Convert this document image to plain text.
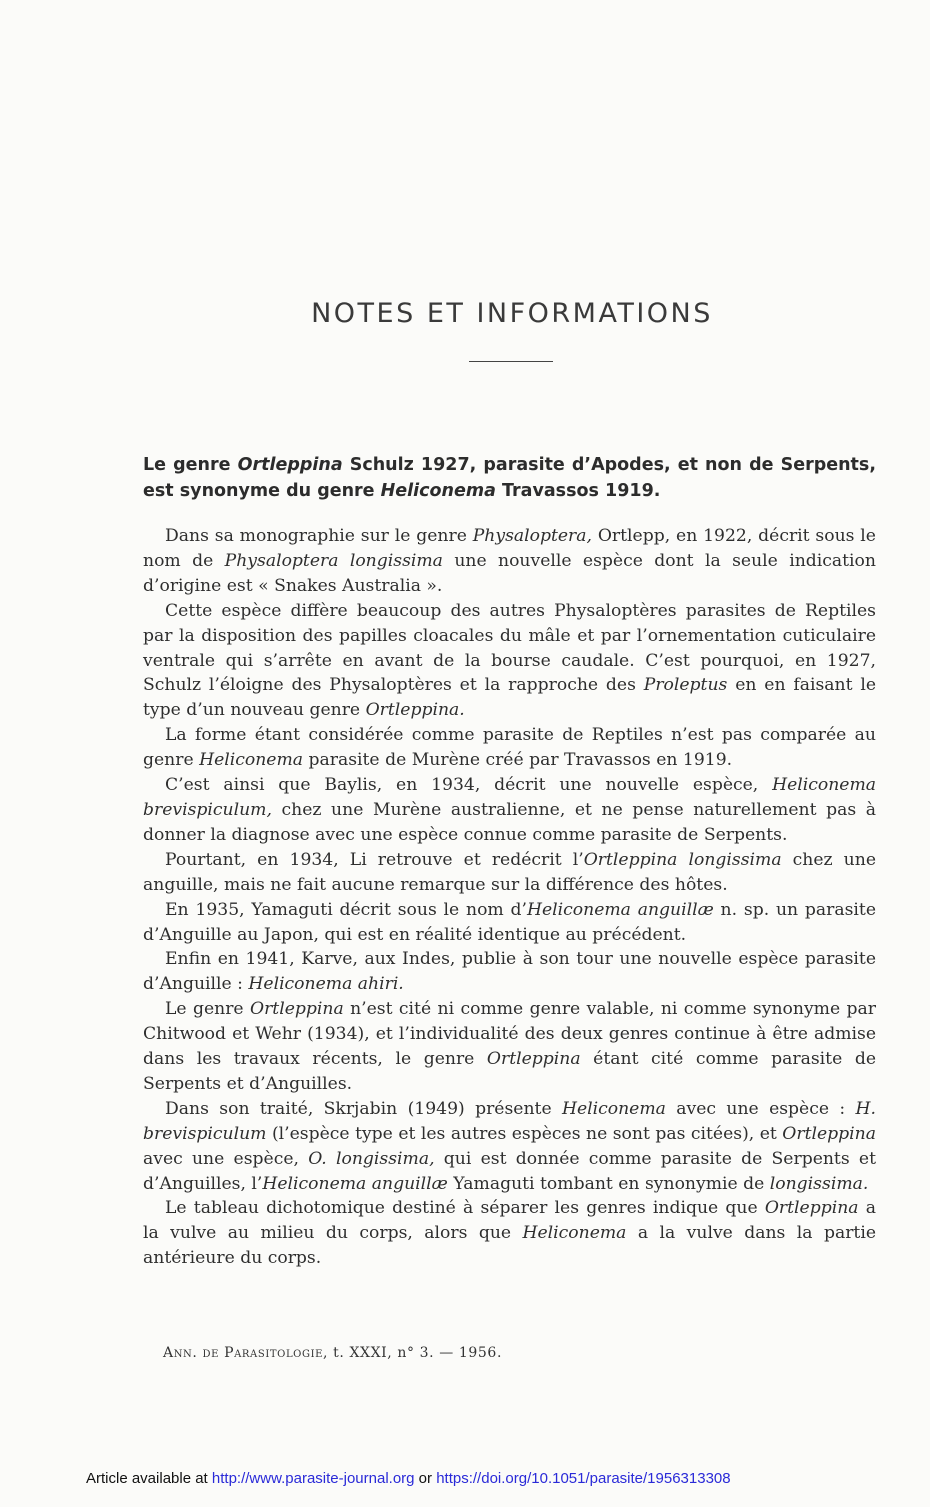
NOTES ET INFORMATIONS
Le genre Ortleppina Schulz 1927, parasite d’Apodes, et non de Serpents, est synonyme du genre Heliconema Travassos 1919.

Dans sa monographie sur le genre Physaloptera, Ortlepp, en 1922, décrit sous le nom de Physaloptera longissima une nouvelle espèce dont la seule indication d’origine est « Snakes Australia ».

Cette espèce diffère beaucoup des autres Physaloptères parasites de Reptiles par la disposition des papilles cloacales du mâle et par l’ornementation cuticulaire ventrale qui s’arrête en avant de la bourse caudale. C’est pourquoi, en 1927, Schulz l’éloigne des Physaloptères et la rapproche des Proleptus en en faisant le type d’un nouveau genre Ortleppina.

La forme étant considérée comme parasite de Reptiles n’est pas comparée au genre Heliconema parasite de Murène créé par Travassos en 1919.

C’est ainsi que Baylis, en 1934, décrit une nouvelle espèce, Heliconema brevispiculum, chez une Murène australienne, et ne pense naturellement pas à donner la diagnose avec une espèce connue comme parasite de Serpents.

Pourtant, en 1934, Li retrouve et redécrit l’Ortleppina longissima chez une anguille, mais ne fait aucune remarque sur la différence des hôtes.

En 1935, Yamaguti décrit sous le nom d’Heliconema anguillæ n. sp. un parasite d’Anguille au Japon, qui est en réalité identique au précédent.

Enfin en 1941, Karve, aux Indes, publie à son tour une nouvelle espèce parasite d’Anguille : Heliconema ahiri.

Le genre Ortleppina n’est cité ni comme genre valable, ni comme synonyme par Chitwood et Wehr (1934), et l’individualité des deux genres continue à être admise dans les travaux récents, le genre Ortleppina étant cité comme parasite de Serpents et d’Anguilles.

Dans son traité, Skrjabin (1949) présente Heliconema avec une espèce : H. brevispiculum (l’espèce type et les autres espèces ne sont pas citées), et Ortleppina avec une espèce, O. longissima, qui est donnée comme parasite de Serpents et d’Anguilles, l’Heliconema anguillæ Yamaguti tombant en synonymie de longissima.

Le tableau dichotomique destiné à séparer les genres indique que Ortleppina a la vulve au milieu du corps, alors que Heliconema a la vulve dans la partie antérieure du corps.

Ann. de Parasitologie, t. XXXI, n° 3. — 1956.
Article available at http://www.parasite-journal.org or https://doi.org/10.1051/parasite/1956313308
